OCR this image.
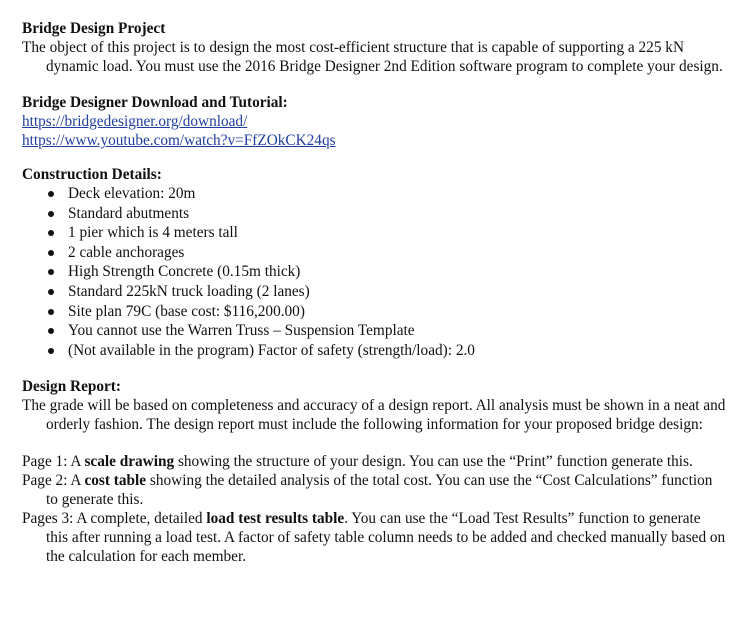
Bridge Design Project

The object of this project is to design the most cost-efficient structure that is capable of supporting a 225 kN dynamic load. You must use the 2016 Bridge Designer 2nd Edition software program to complete your design.

Bridge Designer Download and Tutorial:
https://bridgedesigner.org/download/
https://www.youtube.com/watch?v=FfZOkCK24qs
Construction Details:
Deck elevation: 20m
Standard abutments
1 pier which is 4 meters tall
2 cable anchorages
High Strength Concrete (0.15m thick)
Standard 225kN truck loading (2 lanes)
Site plan 79C (base cost: $116,200.00)
You cannot use the Warren Truss – Suspension Template
(Not available in the program) Factor of safety (strength/load): 2.0
Design Report:

The grade will be based on completeness and accuracy of a design report. All analysis must be shown in a neat and orderly fashion. The design report must include the following information for your proposed bridge design:

Page 1: A scale drawing showing the structure of your design. You can use the “Print” function generate this.

Page 2: A cost table showing the detailed analysis of the total cost. You can use the “Cost Calculations” function to generate this.

Pages 3: A complete, detailed load test results table. You can use the “Load Test Results” function to generate this after running a load test. A factor of safety table column needs to be added and checked manually based on the calculation for each member.
